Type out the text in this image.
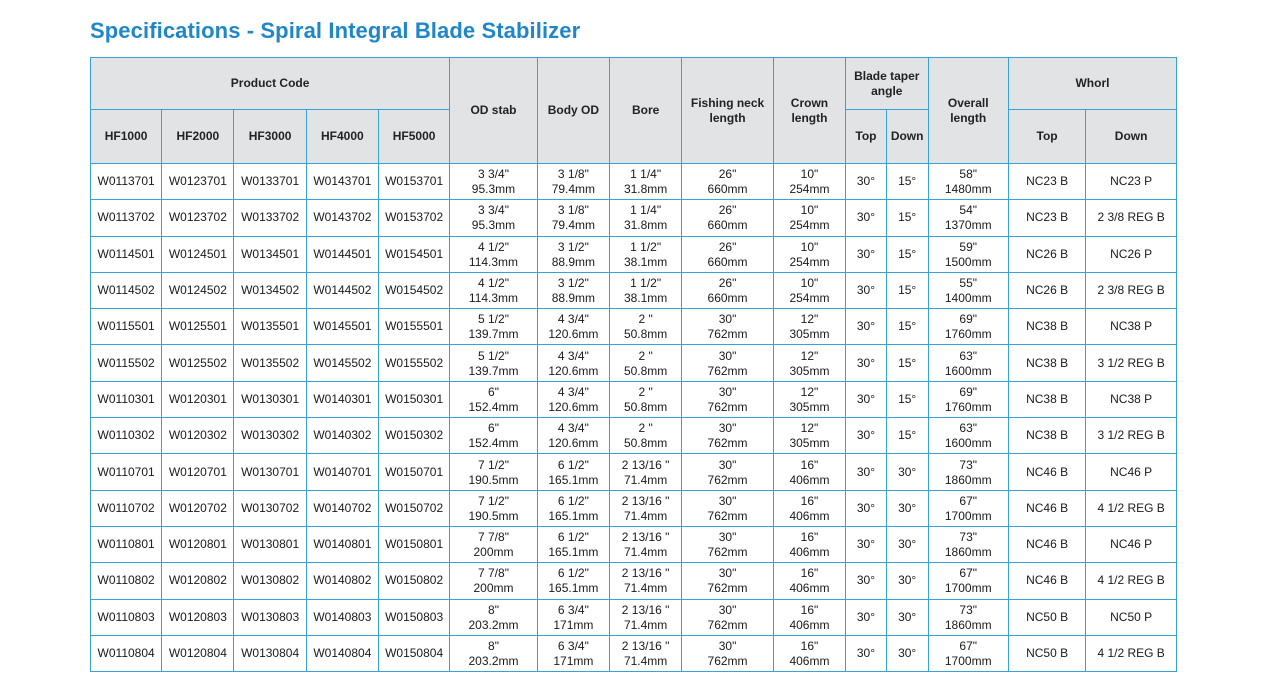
Specifications - Spiral Integral Blade Stabilizer
Product Code					OD stab	Body OD	Bore	Fishing neck length	Crown length	Blade taper angle		Overall length	Whorl	
HF1000	HF2000	HF3000	HF4000	HF5000						Top	Down		Top	Down
W0113701	W0123701	W0133701	W0143701	W0153701	3 3/4"
95.3mm	3 1/8"
79.4mm	1 1/4"
31.8mm	26"
660mm	10"
254mm	30°	15°	58"
1480mm	NC23 B	NC23 P
W0113702	W0123702	W0133702	W0143702	W0153702	3 3/4"
95.3mm	3 1/8"
79.4mm	1 1/4"
31.8mm	26"
660mm	10"
254mm	30°	15°	54"
1370mm	NC23 B	2 3/8 REG B
W0114501	W0124501	W0134501	W0144501	W0154501	4 1/2"
114.3mm	3 1/2"
88.9mm	1 1/2"
38.1mm	26"
660mm	10"
254mm	30°	15°	59"
1500mm	NC26 B	NC26 P
W0114502	W0124502	W0134502	W0144502	W0154502	4 1/2"
114.3mm	3 1/2"
88.9mm	1 1/2"
38.1mm	26"
660mm	10"
254mm	30°	15°	55"
1400mm	NC26 B	2 3/8 REG B
W0115501	W0125501	W0135501	W0145501	W0155501	5 1/2"
139.7mm	4 3/4"
120.6mm	2 "
50.8mm	30"
762mm	12"
305mm	30°	15°	69"
1760mm	NC38 B	NC38 P
W0115502	W0125502	W0135502	W0145502	W0155502	5 1/2"
139.7mm	4 3/4"
120.6mm	2 "
50.8mm	30"
762mm	12"
305mm	30°	15°	63"
1600mm	NC38 B	3 1/2 REG B
W0110301	W0120301	W0130301	W0140301	W0150301	6"
152.4mm	4 3/4"
120.6mm	2 "
50.8mm	30"
762mm	12"
305mm	30°	15°	69"
1760mm	NC38 B	NC38 P
W0110302	W0120302	W0130302	W0140302	W0150302	6"
152.4mm	4 3/4"
120.6mm	2 "
50.8mm	30"
762mm	12"
305mm	30°	15°	63"
1600mm	NC38 B	3 1/2 REG B
W0110701	W0120701	W0130701	W0140701	W0150701	7 1/2"
190.5mm	6 1/2"
165.1mm	2 13/16 "
71.4mm	30"
762mm	16"
406mm	30°	30°	73"
1860mm	NC46 B	NC46 P
W0110702	W0120702	W0130702	W0140702	W0150702	7 1/2"
190.5mm	6 1/2"
165.1mm	2 13/16 "
71.4mm	30"
762mm	16"
406mm	30°	30°	67"
1700mm	NC46 B	4 1/2 REG B
W0110801	W0120801	W0130801	W0140801	W0150801	7 7/8"
200mm	6 1/2"
165.1mm	2 13/16 "
71.4mm	30"
762mm	16"
406mm	30°	30°	73"
1860mm	NC46 B	NC46 P
W0110802	W0120802	W0130802	W0140802	W0150802	7 7/8"
200mm	6 1/2"
165.1mm	2 13/16 "
71.4mm	30"
762mm	16"
406mm	30°	30°	67"
1700mm	NC46 B	4 1/2 REG B
W0110803	W0120803	W0130803	W0140803	W0150803	8"
203.2mm	6 3/4"
171mm	2 13/16 "
71.4mm	30"
762mm	16"
406mm	30°	30°	73"
1860mm	NC50 B	NC50 P
W0110804	W0120804	W0130804	W0140804	W0150804	8"
203.2mm	6 3/4"
171mm	2 13/16 "
71.4mm	30"
762mm	16"
406mm	30°	30°	67"
1700mm	NC50 B	4 1/2 REG B
